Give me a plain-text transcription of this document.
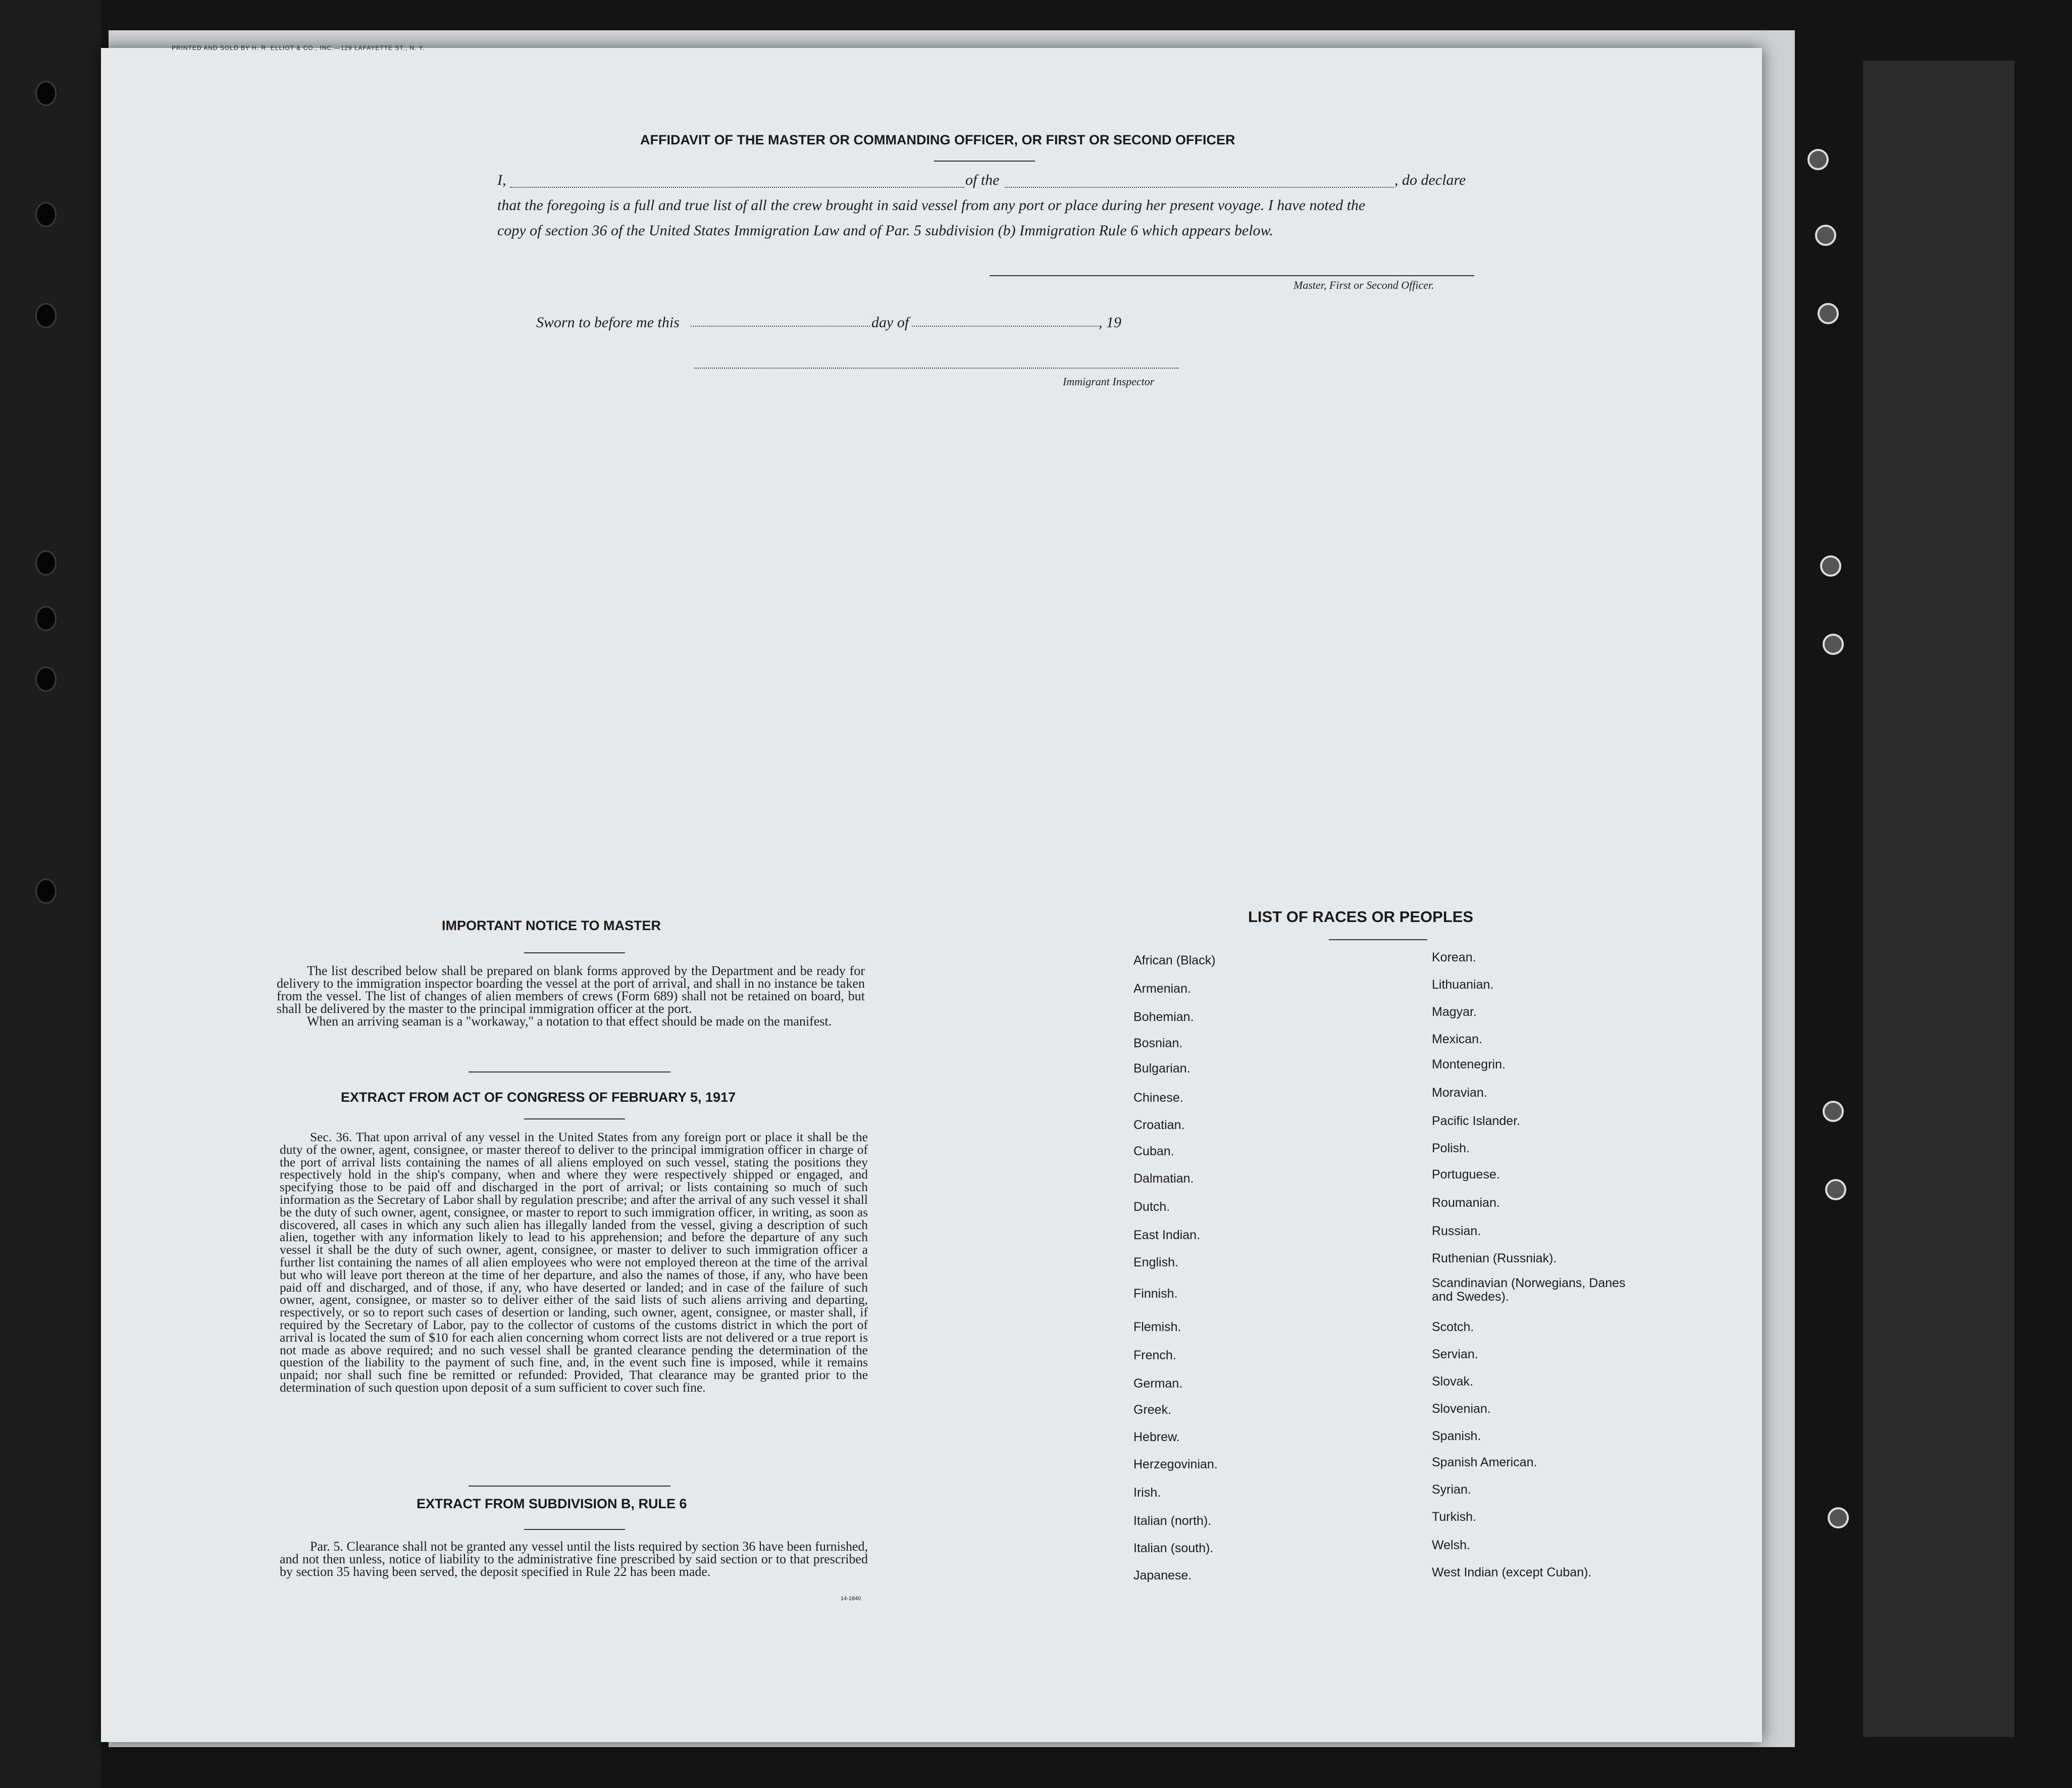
PRINTED AND SOLD BY H. R. ELLIOT & CO., INC.—129 LAFAYETTE ST., N. Y.
AFFIDAVIT OF THE MASTER OR COMMANDING OFFICER, OR FIRST OR SECOND OFFICER
I,	of the	, do declare
that the foregoing is a full and true list of all the crew brought in said vessel from any port or place during her present voyage. I have noted the
copy of section 36 of the United States Immigration Law and of Par. 5 subdivision (b) Immigration Rule 6 which appears below.
Master, First or Second Officer.
Sworn to before me this	day of	, 19
Immigrant Inspector
IMPORTANT NOTICE TO MASTER

The list described below shall be prepared on blank forms approved by the Department and be ready for delivery to the immigration inspector boarding the vessel at the port of arrival, and shall in no instance be taken from the vessel. The list of changes of alien members of crews (Form 689) shall not be retained on board, but shall be delivered by the master to the principal immigration officer at the port.

When an arriving seaman is a "workaway," a notation to that effect should be made on the manifest.

EXTRACT FROM ACT OF CONGRESS OF FEBRUARY 5, 1917

Sec. 36. That upon arrival of any vessel in the United States from any foreign port or place it shall be the duty of the owner, agent, consignee, or master thereof to deliver to the principal immigration officer in charge of the port of arrival lists containing the names of all aliens employed on such vessel, stating the positions they respectively hold in the ship's company, when and where they were respectively shipped or engaged, and specifying those to be paid off and discharged in the port of arrival; or lists containing so much of such information as the Secretary of Labor shall by regulation prescribe; and after the arrival of any such vessel it shall be the duty of such owner, agent, consignee, or master to report to such immigration officer, in writing, as soon as discovered, all cases in which any such alien has illegally landed from the vessel, giving a description of such alien, together with any information likely to lead to his apprehension; and before the departure of any such vessel it shall be the duty of such owner, agent, consignee, or master to deliver to such immigration officer a further list containing the names of all alien employees who were not employed thereon at the time of the arrival but who will leave port thereon at the time of her departure, and also the names of those, if any, who have been paid off and discharged, and of those, if any, who have deserted or landed; and in case of the failure of such owner, agent, consignee, or master so to deliver either of the said lists of such aliens arriving and departing, respectively, or so to report such cases of desertion or landing, such owner, agent, consignee, or master shall, if required by the Secretary of Labor, pay to the collector of customs of the customs district in which the port of arrival is located the sum of $10 for each alien concerning whom correct lists are not delivered or a true report is not made as above required; and no such vessel shall be granted clearance pending the determination of the question of the liability to the payment of such fine, and, in the event such fine is imposed, while it remains unpaid; nor shall such fine be remitted or refunded: Provided, That clearance may be granted prior to the determination of such question upon deposit of a sum sufficient to cover such fine.

EXTRACT FROM SUBDIVISION B, RULE 6

Par. 5. Clearance shall not be granted any vessel until the lists required by section 36 have been furnished, and not then unless, notice of liability to the administrative fine prescribed by said section or to that prescribed by section 35 having been served, the deposit specified in Rule 22 has been made.

14-1840
LIST OF RACES OR PEOPLES
African (Black)
Armenian.
Bohemian.
Bosnian.
Bulgarian.
Chinese.
Croatian.
Cuban.
Dalmatian.
Dutch.
East Indian.
English.
Finnish.
Flemish.
French.
German.
Greek.
Hebrew.
Herzegovinian.
Irish.
Italian (north).
Italian (south).
Japanese.
Korean.
Lithuanian.
Magyar.
Mexican.
Montenegrin.
Moravian.
Pacific Islander.
Polish.
Portuguese.
Roumanian.
Russian.
Ruthenian (Russniak).
Scandinavian (Norwegians, Danes and Swedes).
Scotch.
Servian.
Slovak.
Slovenian.
Spanish.
Spanish American.
Syrian.
Turkish.
Welsh.
West Indian (except Cuban).
